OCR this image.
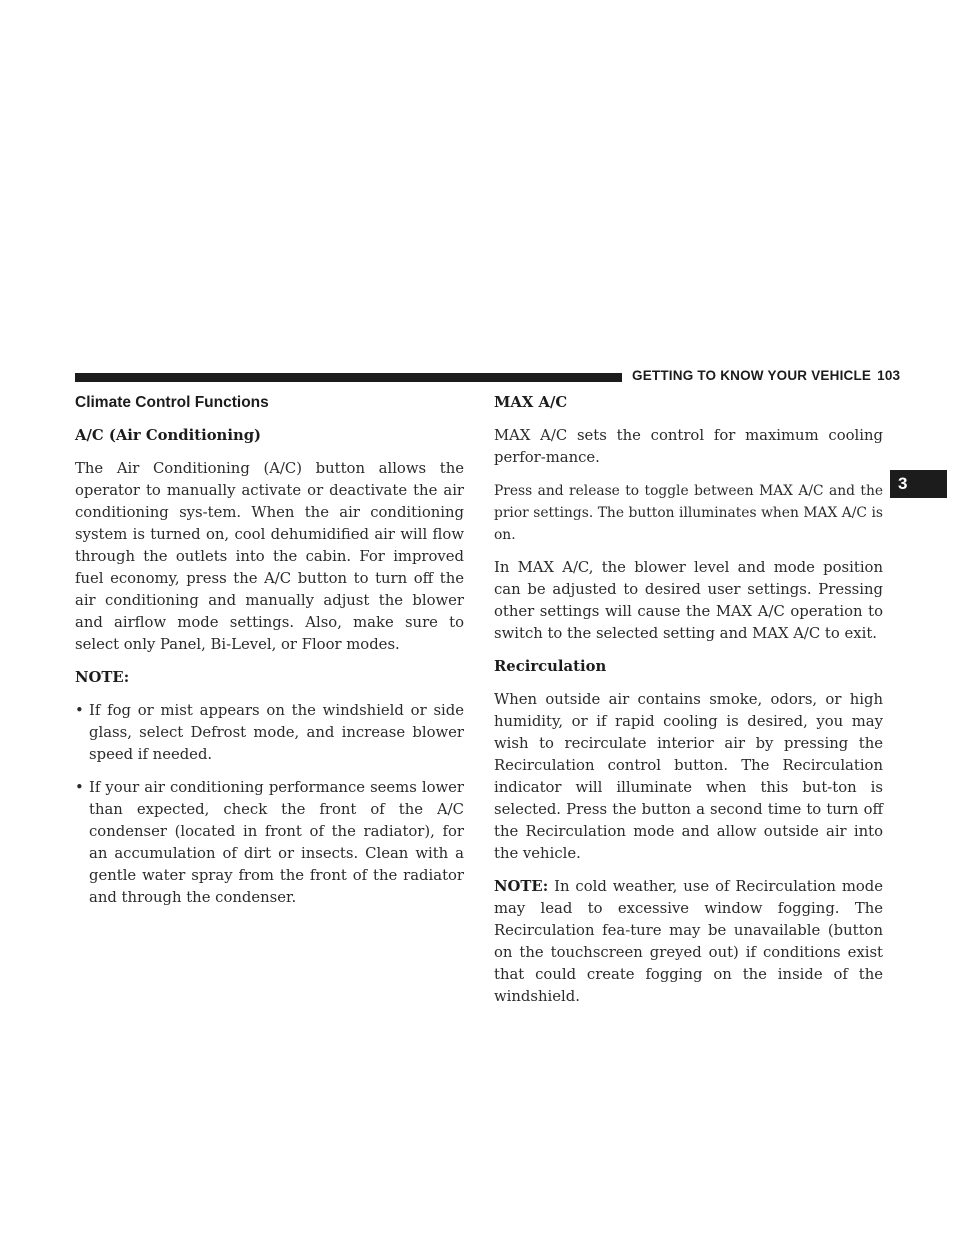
GETTING TO KNOW YOUR VEHICLE 103
3
Climate Control Functions
A/C (Air Conditioning)

The Air Conditioning (A/C) button allows the operator to manually activate or deactivate the air conditioning sys-tem. When the air conditioning system is turned on, cool dehumidified air will flow through the outlets into the cabin. For improved fuel economy, press the A/C button to turn off the air conditioning and manually adjust the blower and airflow mode settings. Also, make sure to select only Panel, Bi-Level, or Floor modes.

NOTE:
• If fog or mist appears on the windshield or side glass, select Defrost mode, and increase blower speed if needed.
• If your air conditioning performance seems lower than expected, check the front of the A/C condenser (located in front of the radiator), for an accumulation of dirt or insects. Clean with a gentle water spray from the front of the radiator and through the condenser.
MAX A/C

MAX A/C sets the control for maximum cooling perfor-mance.

Press and release to toggle between MAX A/C and the prior settings. The button illuminates when MAX A/C is on.

In MAX A/C, the blower level and mode position can be adjusted to desired user settings. Pressing other settings will cause the MAX A/C operation to switch to the selected setting and MAX A/C to exit.

Recirculation

When outside air contains smoke, odors, or high humidity, or if rapid cooling is desired, you may wish to recirculate interior air by pressing the Recirculation control button. The Recirculation indicator will illuminate when this but-ton is selected. Press the button a second time to turn off the Recirculation mode and allow outside air into the vehicle.

NOTE: In cold weather, use of Recirculation mode may lead to excessive window fogging. The Recirculation fea-ture may be unavailable (button on the touchscreen greyed out) if conditions exist that could create fogging on the inside of the windshield.
